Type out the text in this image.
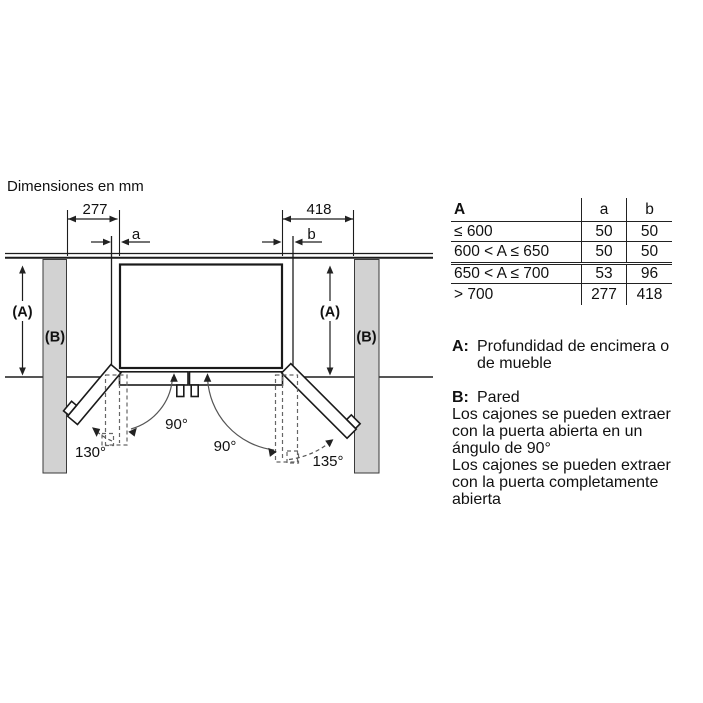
Dimensiones en mm
277	418
a	b
(A)	(A)
(B)	(B)
90°
90°
130°
135°
A	a	b
≤ 600	50	50
600 < A ≤ 650	50	50
650 < A ≤ 700	53	96
> 700	277	418
A: Profundidad de encimera o
de mueble
B: Pared
Los cajones se pueden extraer
con la puerta abierta en un
ángulo de 90°
Los cajones se pueden extraer
con la puerta completamente
abierta
